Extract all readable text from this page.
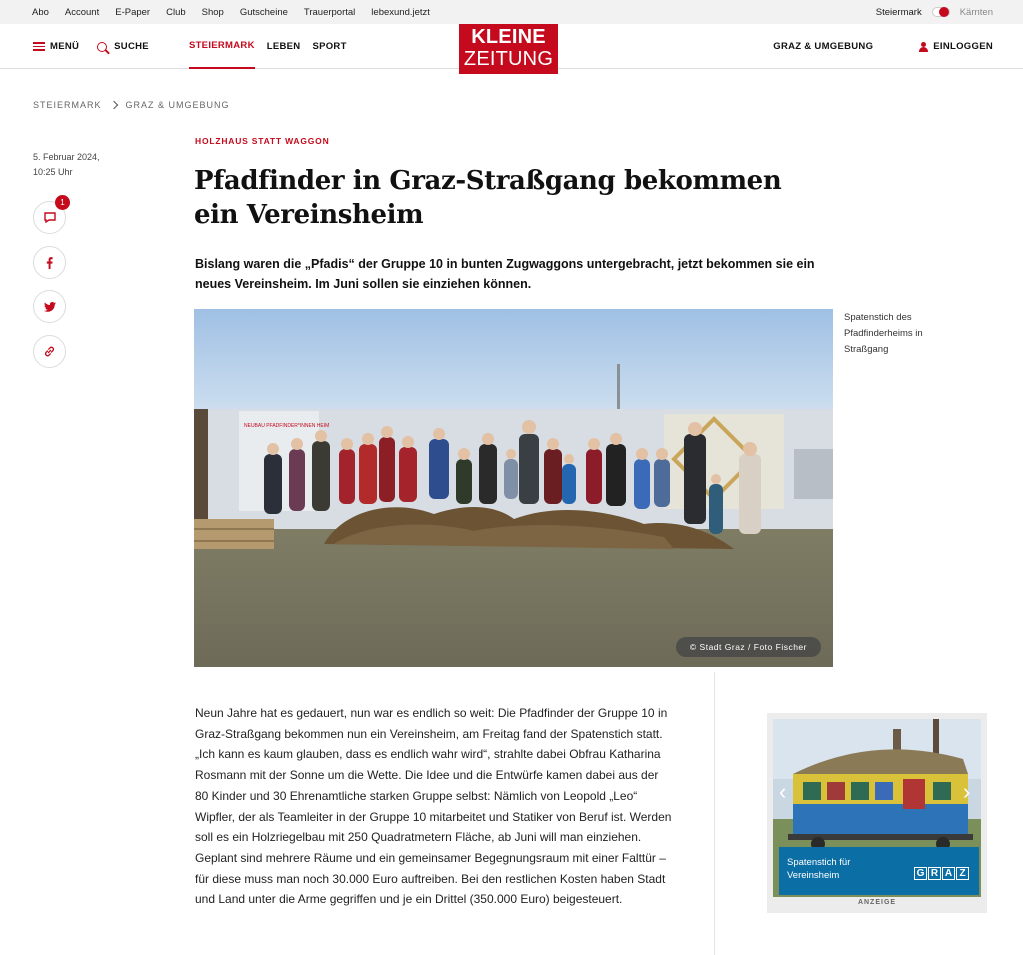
Abo Account E-Paper Club Shop Gutscheine Trauerportal lebexund.jetzt	Steiermark	Kärnten
MENÜ	SUCHE	STEIERMARK LEBEN SPORT	GRAZ & UMGEBUNG	EINLOGGEN
KLEINE
ZEITUNG
STEIERMARK	GRAZ & UMGEBUNG
5. Februar 2024,
10:25 Uhr
1
HOLZHAUS STATT WAGGON
Pfadfinder in Graz-Straßgang bekommen
ein Vereinsheim

Bislang waren die „Pfadis“ der Gruppe 10 in bunten Zugwaggons untergebracht, jetzt bekommen sie ein neues Vereinsheim. Im Juni sollen sie einziehen können.

NEUBAU PFADFINDER*INNEN HEIM
© Stadt Graz / Foto Fischer
Spatenstich des Pfadfinderheims in Straßgang

Neun Jahre hat es gedauert, nun war es endlich so weit: Die Pfadfinder der Gruppe 10 in Graz-Straßgang bekommen nun ein Vereinsheim, am Freitag fand der Spatenstich statt. „Ich kann es kaum glauben, dass es endlich wahr wird“, strahlte dabei Obfrau Katharina Rosmann mit der Sonne um die Wette. Die Idee und die Entwürfe kamen dabei aus der 80 Kinder und 30 Ehrenamtliche starken Gruppe selbst: Nämlich von Leopold „Leo“ Wipfler, der als Teamleiter in der Gruppe 10 mitarbeitet und Statiker von Beruf ist. Werden soll es ein Holzriegelbau mit 250 Quadratmetern Fläche, ab Juni will man einziehen. Geplant sind mehrere Räume und ein gemeinsamer Begegnungsraum mit einer Falttür – für diese muss man noch 30.000 Euro auftreiben. Bei den restlichen Kosten haben Stadt und Land unter die Arme gegriffen und je ein Drittel (350.000 Euro) beigesteuert.

‹	›
Spatenstich für Vereinsheim	G R A Z
ANZEIGE
